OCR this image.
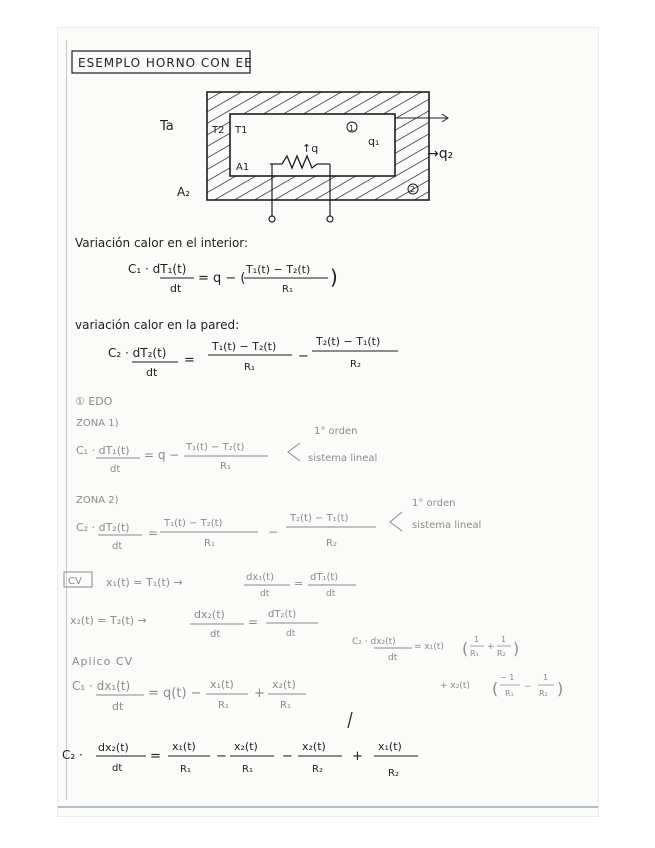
ESEMPLO HORNO CON EE
Ta	T2 T1	1
q₁
↑q	→q₂
A1
A₂	2
Variación calor en el interior:
C₁ · dT₁(t)
dt
= q − (
T₁(t) − T₂(t)
R₁
)
variación calor en la pared:
C₂ · dT₂(t)
dt
=
T₁(t) − T₂(t)
R₁
−
T₂(t) − T₁(t)
R₂
① EDO
ZONA 1)
C₁ · dT₁(t)
dt
= q −
T₁(t) − T₂(t)
R₁
1° orden
sistema lineal
ZONA 2)
C₂ · dT₂(t)
dt
=
T₁(t) − T₂(t)
R₁
−
T₂(t) − T₁(t)
R₂
1° orden
sistema lineal
CV x₁(t) = T₁(t) →	dx₁(t)
dt
= dT₁(t)
dt
x₂(t) = T₂(t) →	dx₂(t)
dt
=
dT₂(t)
dt
Aplico CV
C₂ · dx₂(t)
dt
= x₁(t) ( 1
R₁
+
1
R₂ )
+ x₂(t) (
− 1
R₁
−
1
R₂ )
C₁ · dx₁(t)
dt
= q(t) −
x₁(t)
R₁
+
x₂(t)
R₁
C₂ ·
dx₂(t)
dt
=
x₁(t)
R₁
−
x₂(t)
R₁
−
x₂(t)
R₂
+
x₁(t)
R₂
